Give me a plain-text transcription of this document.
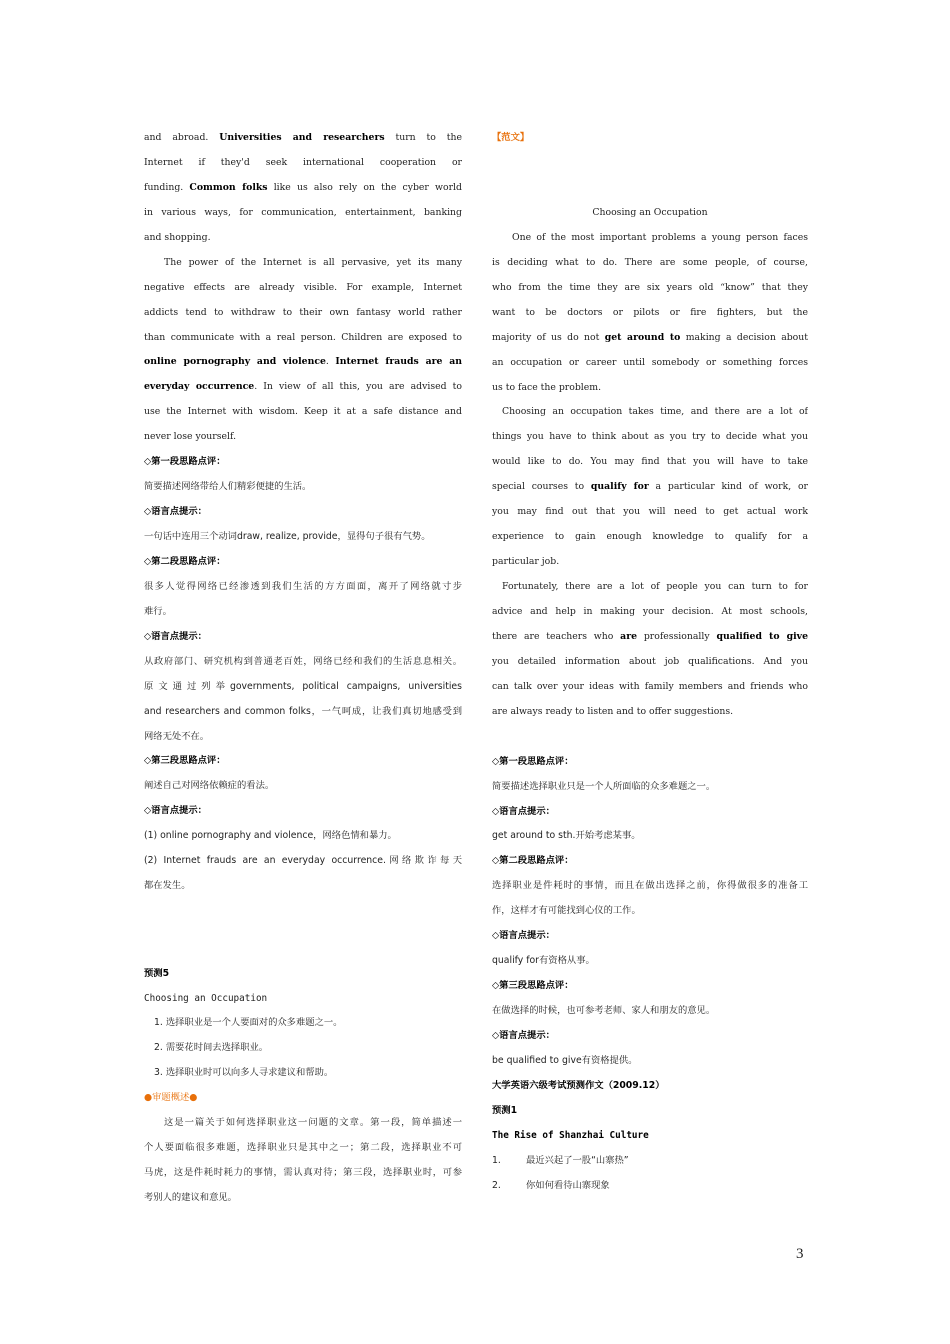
and abroad. Universities and researchers turn to the
Internet if they'd seek international cooperation or
funding. Common folks like us also rely on the cyber world
in various ways, for communication, entertainment, banking
and shopping.
The power of the Internet is all pervasive, yet its many
negative effects are already visible. For example, Internet
addicts tend to withdraw to their own fantasy world rather
than communicate with a real person. Children are exposed to
online pornography and violence. Internet frauds are an
everyday occurrence. In view of all this, you are advised to
use the Internet with wisdom. Keep it at a safe distance and
never lose yourself.
◇第一段思路点评：
简要描述网络带给人们精彩便捷的生活。
◇语言点提示：
一句话中连用三个动词draw, realize, provide，显得句子很有气势。
◇第二段思路点评：
很多人觉得网络已经渗透到我们生活的方方面面，离开了网络就寸步
难行。
◇语言点提示：
从政府部门、研究机构到普通老百姓，网络已经和我们的生活息息相关。
原文通过列举governments, political campaigns, universities
and researchers and common folks，一气呵成，让我们真切地感受到
网络无处不在。
◇第三段思路点评：
阐述自己对网络依赖症的看法。
◇语言点提示：
(1) online pornography and violence，网络色情和暴力。
(2) Internet frauds are an everyday occurrence.网络欺诈每天
都在发生。
预测5
Choosing an Occupation
1. 选择职业是一个人要面对的众多难题之一。
2. 需要花时间去选择职业。
3. 选择职业时可以向多人寻求建议和帮助。
●审题概述●
这是一篇关于如何选择职业这一问题的文章。第一段，简单描述一
个人要面临很多难题，选择职业只是其中之一；第二段，选择职业不可
马虎，这是件耗时耗力的事情，需认真对待；第三段，选择职业时，可参
考别人的建议和意见。
【范文】
Choosing an Occupation
One of the most important problems a young person faces
is deciding what to do. There are some people, of course,
who from the time they are six years old “know” that they
want to be doctors or pilots or fire fighters, but the
majority of us do not get around to making a decision about
an occupation or career until somebody or something forces
us to face the problem.
Choosing an occupation takes time, and there are a lot of
things you have to think about as you try to decide what you
would like to do. You may find that you will have to take
special courses to qualify for a particular kind of work, or
you may find out that you will need to get actual work
experience to gain enough knowledge to qualify for a
particular job.
Fortunately, there are a lot of people you can turn to for
advice and help in making your decision. At most schools,
there are teachers who are professionally qualified to give
you detailed information about job qualifications. And you
can talk over your ideas with family members and friends who
are always ready to listen and to offer suggestions.
◇第一段思路点评：
简要描述选择职业只是一个人所面临的众多难题之一。
◇语言点提示：
get around to sth.开始考虑某事。
◇第二段思路点评：
选择职业是件耗时的事情，而且在做出选择之前，你得做很多的准备工
作，这样才有可能找到心仪的工作。
◇语言点提示：
qualify for有资格从事。
◇第三段思路点评：
在做选择的时候，也可参考老师、家人和朋友的意见。
◇语言点提示：
be qualified to give有资格提供。
大学英语六级考试预测作文（2009.12）
预测1
The Rise of Shanzhai Culture
1.	最近兴起了一股“山寨热”
2.	你如何看待山寨现象
3
